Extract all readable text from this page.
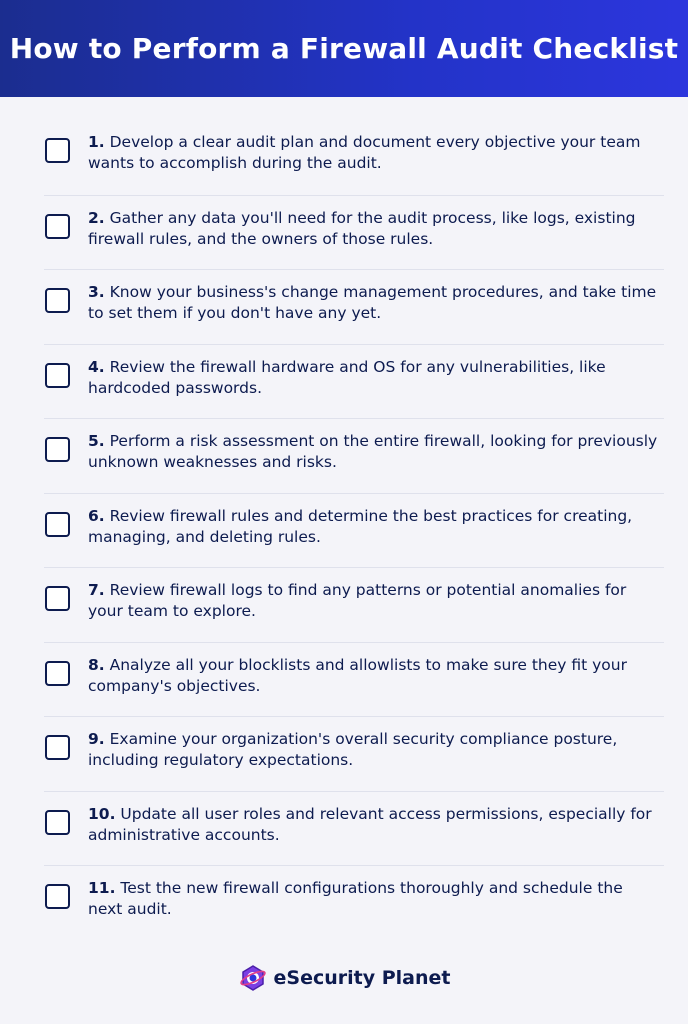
How to Perform a Firewall Audit Checklist
1. Develop a clear audit plan and document every objective your team wants to accomplish during the audit.
2. Gather any data you'll need for the audit process, like logs, existing firewall rules, and the owners of those rules.
3. Know your business's change management procedures, and take time to set them if you don't have any yet.
4. Review the firewall hardware and OS for any vulnerabilities, like hardcoded passwords.
5. Perform a risk assessment on the entire firewall, looking for previously unknown weaknesses and risks.
6. Review firewall rules and determine the best practices for creating, managing, and deleting rules.
7. Review firewall logs to find any patterns or potential anomalies for your team to explore.
8. Analyze all your blocklists and allowlists to make sure they fit your company's objectives.
9. Examine your organization's overall security compliance posture, including regulatory expectations.
10. Update all user roles and relevant access permissions, especially for administrative accounts.
11. Test the new firewall configurations thoroughly and schedule the next audit.
eSecurity Planet
